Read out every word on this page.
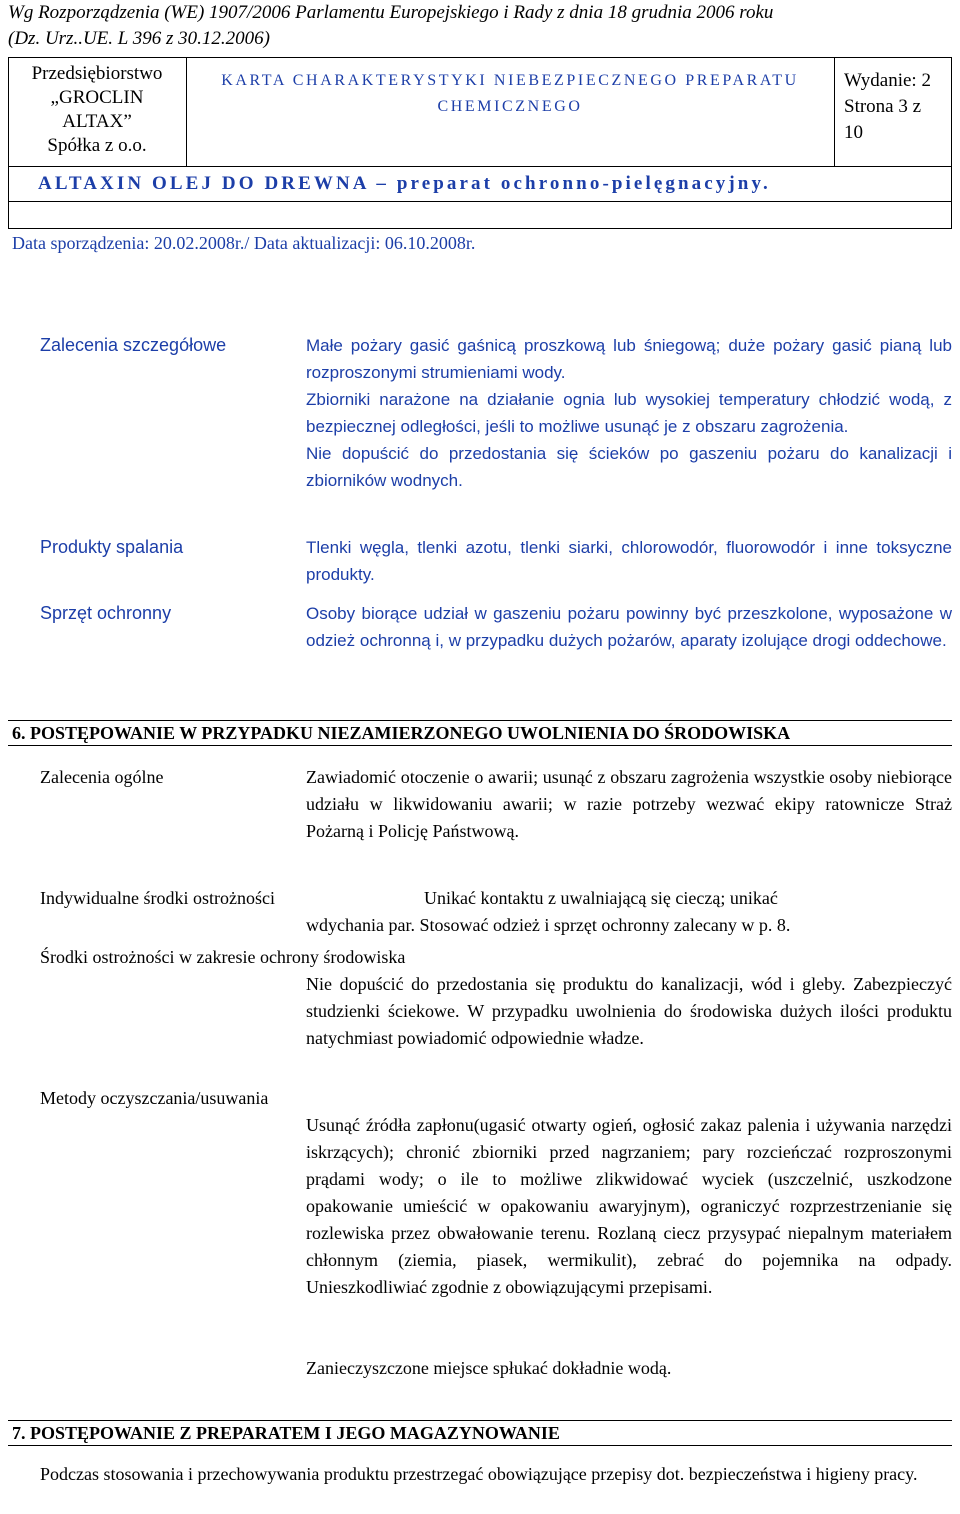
Wg Rozporządzenia (WE) 1907/2006 Parlamentu Europejskiego i Rady z dnia 18 grudnia 2006 roku
(Dz. Urz..UE. L 396 z 30.12.2006)
Przedsiębiorstwo
„GROCLIN
ALTAX”
Spółka z o.o.
KARTA CHARAKTERYSTYKI NIEBEZPIECZNEGO PREPARATU
CHEMICZNEGO
Wydanie: 2
Strona 3 z
10
ALTAXIN OLEJ DO DREWNA – preparat ochronno-pielęgnacyjny.
Data sporządzenia: 20.02.2008r./ Data aktualizacji: 06.10.2008r.
Zalecenia szczegółowe
Produkty spalania
Sprzęt ochronny
Małe pożary gasić gaśnicą proszkową lub śniegową; duże pożary gasić pianą lub rozproszonymi strumieniami wody.
Zbiorniki narażone na działanie ognia lub wysokiej temperatury chłodzić wodą, z bezpiecznej odległości, jeśli to możliwe usunąć je z obszaru zagrożenia.
Nie dopuścić do przedostania się ścieków po gaszeniu pożaru do kanalizacji i zbiorników wodnych.
Tlenki węgla, tlenki azotu, tlenki siarki, chlorowodór, fluorowodór i inne toksyczne produkty.
Osoby biorące udział w gaszeniu pożaru powinny być przeszkolone, wyposażone w odzież ochronną i, w przypadku dużych pożarów, aparaty izolujące drogi oddechowe.
6. POSTĘPOWANIE W PRZYPADKU NIEZAMIERZONEGO UWOLNIENIA DO ŚRODOWISKA
Zalecenia ogólne	Zawiadomić otoczenie o awarii; usunąć z obszaru zagrożenia wszystkie osoby niebiorące udziału w likwidowaniu awarii; w razie potrzeby wezwać ekipy ratownicze Straż Pożarną i Policję Państwową.
Indywidualne środki ostrożności	Unikać kontaktu z uwalniającą się cieczą; unikać
wdychania par. Stosować odzież i sprzęt ochronny zalecany w p. 8.
Środki ostrożności w zakresie ochrony środowiska
Nie dopuścić do przedostania się produktu do kanalizacji, wód i gleby. Zabezpieczyć studzienki ściekowe. W przypadku uwolnienia do środowiska dużych ilości produktu natychmiast powiadomić odpowiednie władze.
Metody oczyszczania/usuwania
Usunąć źródła zapłonu(ugasić otwarty ogień, ogłosić zakaz palenia i używania narzędzi iskrzących); chronić zbiorniki przed nagrzaniem; pary rozcieńczać rozproszonymi prądami wody; o ile to możliwe zlikwidować wyciek (uszczelnić, uszkodzone opakowanie umieścić w opakowaniu awaryjnym), ograniczyć rozprzestrzenianie się rozlewiska przez obwałowanie terenu. Rozlaną ciecz przysypać niepalnym materiałem chłonnym (ziemia, piasek, wermikulit), zebrać do pojemnika na odpady. Unieszkodliwiać zgodnie z obowiązującymi przepisami.
Zanieczyszczone miejsce spłukać dokładnie wodą.
7. POSTĘPOWANIE Z PREPARATEM I JEGO MAGAZYNOWANIE
Podczas stosowania i przechowywania produktu przestrzegać obowiązujące przepisy dot. bezpieczeństwa i higieny pracy.
